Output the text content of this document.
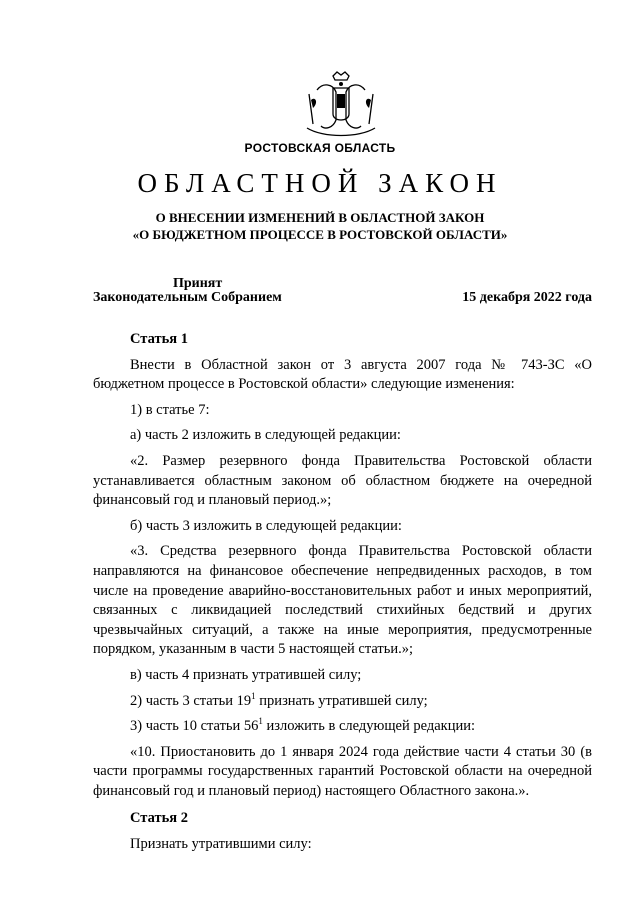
РОСТОВСКАЯ ОБЛАСТЬ
ОБЛАСТНОЙ ЗАКОН
О ВНЕСЕНИИ ИЗМЕНЕНИЙ В ОБЛАСТНОЙ ЗАКОН
«О БЮДЖЕТНОМ ПРОЦЕССЕ В РОСТОВСКОЙ ОБЛАСТИ»
Принят
Законодательным Собранием	15 декабря 2022 года

Статья 1

Внести в Областной закон от 3 августа 2007 года № 743-ЗС «О бюджетном процессе в Ростовской области» следующие изменения:

1) в статье 7:

а) часть 2 изложить в следующей редакции:

«2. Размер резервного фонда Правительства Ростовской области устанавливается областным законом об областном бюджете на очередной финансовый год и плановый период.»;

б) часть 3 изложить в следующей редакции:

«3. Средства резервного фонда Правительства Ростовской области направляются на финансовое обеспечение непредвиденных расходов, в том числе на проведение аварийно-восстановительных работ и иных мероприятий, связанных с ликвидацией последствий стихийных бедствий и других чрезвычайных ситуаций, а также на иные мероприятия, предусмотренные порядком, указанным в части 5 настоящей статьи.»;

в) часть 4 признать утратившей силу;

2) часть 3 статьи $19^1$ признать утратившей силу;

3) часть 10 статьи $56^1$ изложить в следующей редакции:

«10. Приостановить до 1 января 2024 года действие части 4 статьи 30 (в части программы государственных гарантий Ростовской области на очередной финансовый год и плановый период) настоящего Областного закона.».

Статья 2

Признать утратившими силу:
